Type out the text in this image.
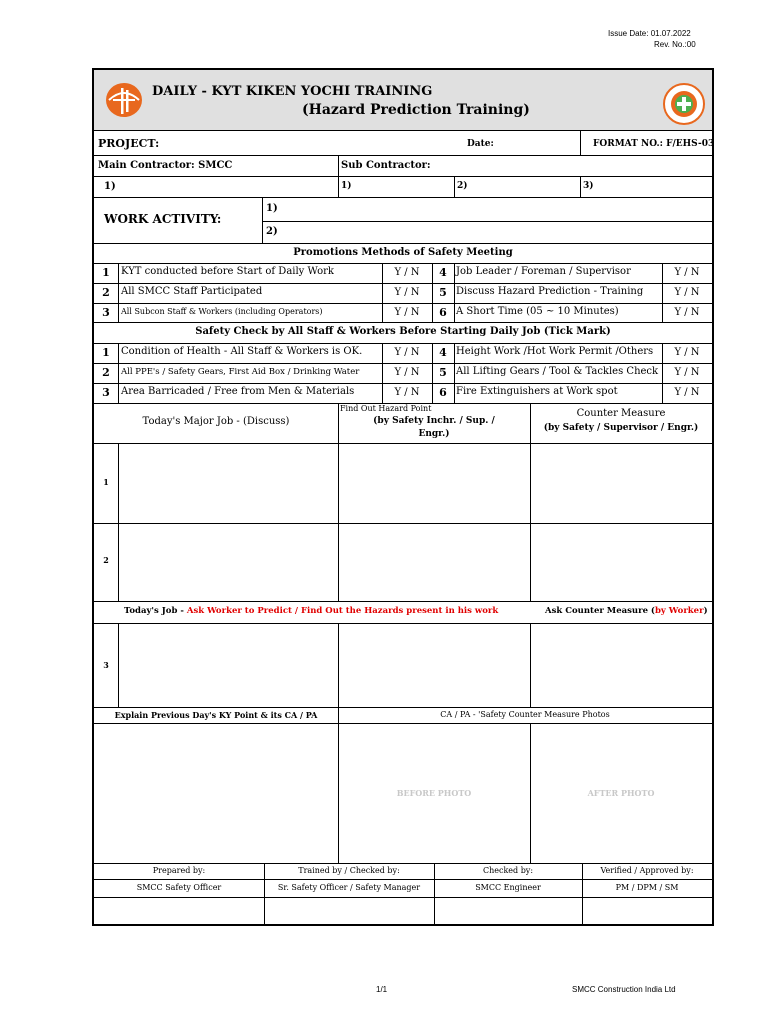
Issue Date: 01.07.2022
Rev. No.:00
DAILY - KYT KIKEN YOCHI TRAINING
(Hazard Prediction Training)
PROJECT:	Date:	FORMAT NO.: F/EHS-03
Main Contractor: SMCC	Sub Contractor:
1)	1)	2)	3)
WORK ACTIVITY:
1)
2)
Promotions Methods of Safety Meeting
1	KYT conducted before Start of Daily Work	Y / N	4 Job Leader / Foreman / Supervisor	Y / N
2	All SMCC Staff Participated	Y / N	5 Discuss Hazard Prediction - Training	Y / N
3	All Subcon Staff & Workers (including Operators)	Y / N	6 A Short Time (05 ~ 10 Minutes)	Y / N
Safety Check by All Staff & Workers Before Starting Daily Job (Tick Mark)
1	Condition of Health - All Staff & Workers is OK.	Y / N	4 Height Work /Hot Work Permit /Others	Y / N
2	All PPE's / Safety Gears, First Aid Box / Drinking Water	Y / N	5 All Lifting Gears / Tool & Tackles Check	Y / N
3	Area Barricaded / Free from Men & Materials	Y / N	6 Fire Extinguishers at Work spot	Y / N
Today's Major Job - (Discuss)
Find Out Hazard Point
(by Safety Inchr. / Sup. /
Engr.)
Counter Measure
(by Safety / Supervisor / Engr.)
1
2
Today's Job - Ask Worker to Predict / Find Out the Hazards present in his work	Ask Counter Measure (by Worker)
3
Explain Previous Day's KY Point & its CA / PA	CA / PA - 'Safety Counter Measure Photos
BEFORE PHOTO	AFTER PHOTO
Prepared by:	Trained by / Checked by:	Checked by:	Verified / Approved by:
SMCC Safety Officer	Sr. Safety Officer / Safety Manager	SMCC Engineer	PM / DPM / SM
1/1	SMCC Construction India Ltd
